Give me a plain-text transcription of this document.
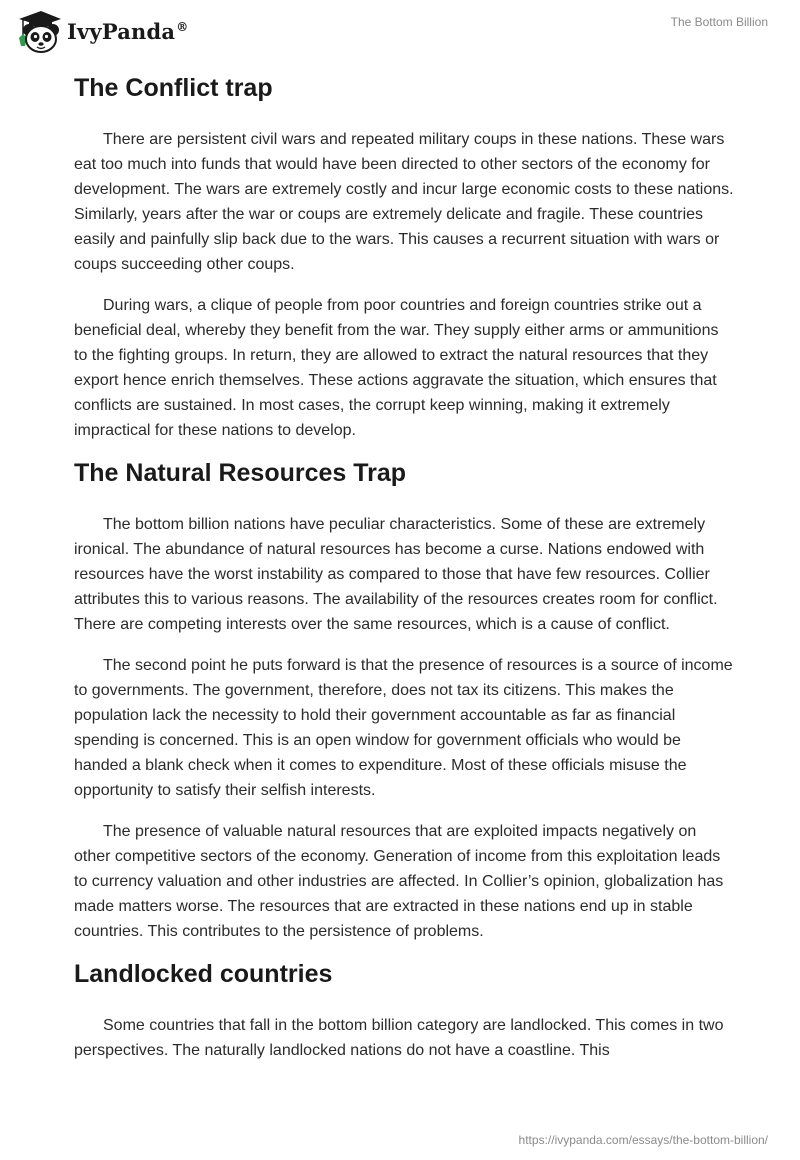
IvyPanda®	The Bottom Billion
The Conflict trap

There are persistent civil wars and repeated military coups in these nations. These wars eat too much into funds that would have been directed to other sectors of the economy for development. The wars are extremely costly and incur large economic costs to these nations. Similarly, years after the war or coups are extremely delicate and fragile. These countries easily and painfully slip back due to the wars. This causes a recurrent situation with wars or coups succeeding other coups.

During wars, a clique of people from poor countries and foreign countries strike out a beneficial deal, whereby they benefit from the war. They supply either arms or ammunitions to the fighting groups. In return, they are allowed to extract the natural resources that they export hence enrich themselves. These actions aggravate the situation, which ensures that conflicts are sustained. In most cases, the corrupt keep winning, making it extremely impractical for these nations to develop.

The Natural Resources Trap

The bottom billion nations have peculiar characteristics. Some of these are extremely ironical. The abundance of natural resources has become a curse. Nations endowed with resources have the worst instability as compared to those that have few resources. Collier attributes this to various reasons. The availability of the resources creates room for conflict. There are competing interests over the same resources, which is a cause of conflict.

The second point he puts forward is that the presence of resources is a source of income to governments. The government, therefore, does not tax its citizens. This makes the population lack the necessity to hold their government accountable as far as financial spending is concerned. This is an open window for government officials who would be handed a blank check when it comes to expenditure. Most of these officials misuse the opportunity to satisfy their selfish interests.

The presence of valuable natural resources that are exploited impacts negatively on other competitive sectors of the economy. Generation of income from this exploitation leads to currency valuation and other industries are affected. In Collier’s opinion, globalization has made matters worse. The resources that are extracted in these nations end up in stable countries. This contributes to the persistence of problems.

Landlocked countries

Some countries that fall in the bottom billion category are landlocked. This comes in two perspectives. The naturally landlocked nations do not have a coastline. This

https://ivypanda.com/essays/the-bottom-billion/
